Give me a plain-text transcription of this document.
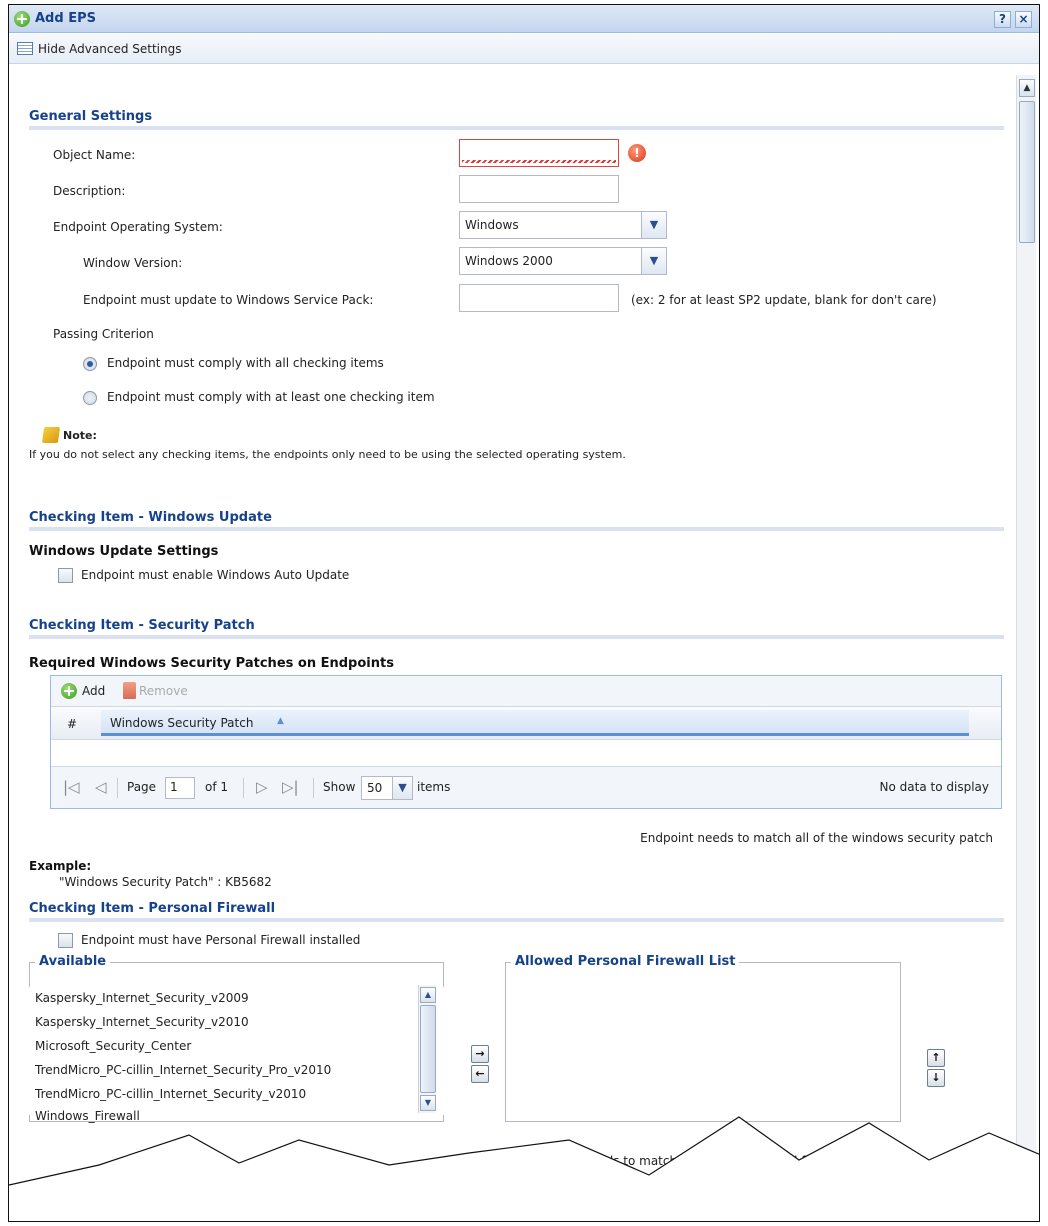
Add EPS	?	×
Hide Advanced Settings
▲
General Settings
Object Name:	!
Description:
Endpoint Operating System:	Windows	▼
Window Version:	Windows 2000	▼
Endpoint must update to Windows Service Pack:	(ex: 2 for at least SP2 update, blank for don't care)
Passing Criterion
Endpoint must comply with all checking items
Endpoint must comply with at least one checking item
Note:
If you do not select any checking items, the endpoints only need to be using the selected operating system.
Checking Item - Windows Update
Windows Update Settings
Endpoint must enable Windows Auto Update
Checking Item - Security Patch
Required Windows Security Patches on Endpoints
Add	Remove
#	Windows Security Patch	▲
|◁ ◁ Page	1	of 1 ▷ ▷| Show 50	▼ items	No data to display
Endpoint needs to match all of the windows security patch
Example:
"Windows Security Patch" : KB5682
Checking Item - Personal Firewall
Endpoint must have Personal Firewall installed
Available
Kaspersky_Internet_Security_v2009
Kaspersky_Internet_Security_v2010
Microsoft_Security_Center
TrendMicro_PC-cillin_Internet_Security_Pro_v2010
TrendMicro_PC-cillin_Internet_Security_v2010
Windows_Firewall
▲
▼
→
←
Allowed Personal Firewall List
↑
↓
